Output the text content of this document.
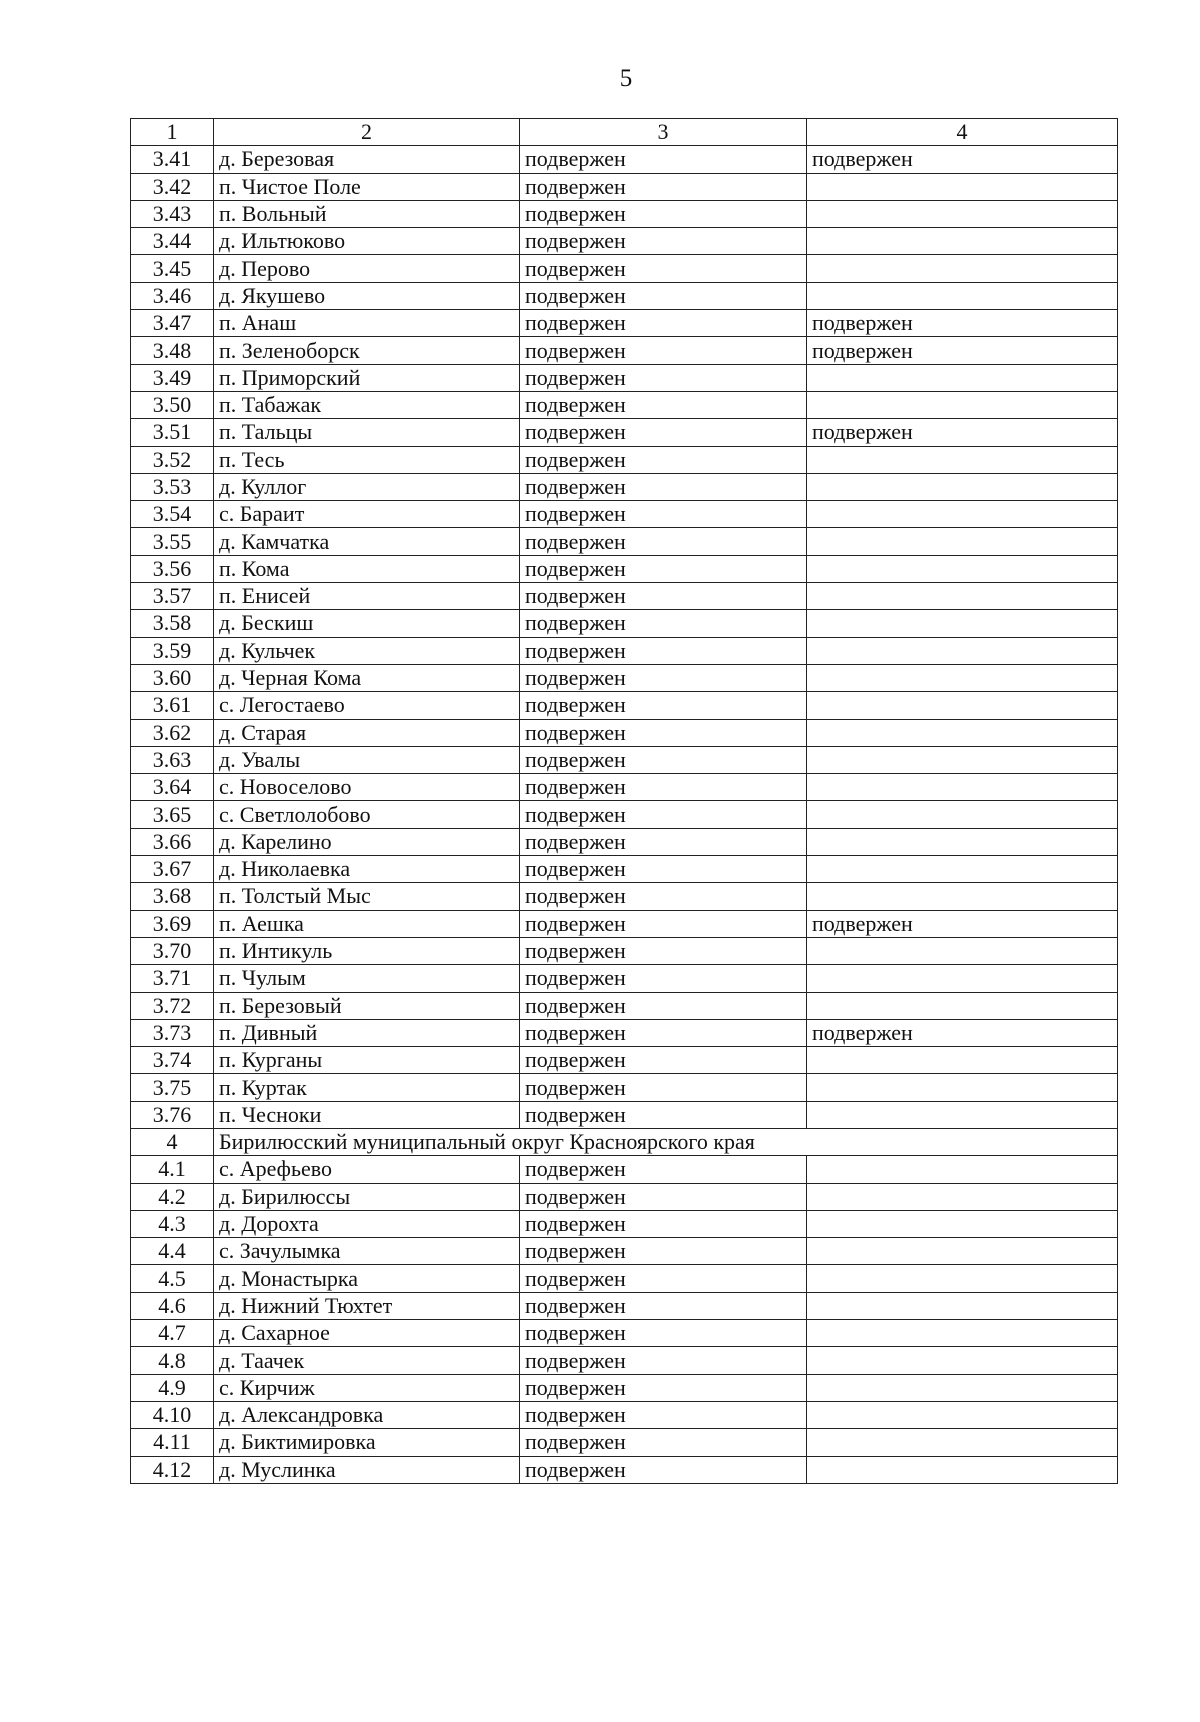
5
1	2	3	4
3.41	д. Березовая	подвержен	подвержен
3.42	п. Чистое Поле	подвержен	
3.43	п. Вольный	подвержен	
3.44	д. Ильтюково	подвержен	
3.45	д. Перово	подвержен	
3.46	д. Якушево	подвержен	
3.47	п. Анаш	подвержен	подвержен
3.48	п. Зеленоборск	подвержен	подвержен
3.49	п. Приморский	подвержен	
3.50	п. Табажак	подвержен	
3.51	п. Тальцы	подвержен	подвержен
3.52	п. Тесь	подвержен	
3.53	д. Куллог	подвержен	
3.54	с. Бараит	подвержен	
3.55	д. Камчатка	подвержен	
3.56	п. Кома	подвержен	
3.57	п. Енисей	подвержен	
3.58	д. Бескиш	подвержен	
3.59	д. Кульчек	подвержен	
3.60	д. Черная Кома	подвержен	
3.61	с. Легостаево	подвержен	
3.62	д. Старая	подвержен	
3.63	д. Увалы	подвержен	
3.64	с. Новоселово	подвержен	
3.65	с. Светлолобово	подвержен	
3.66	д. Карелино	подвержен	
3.67	д. Николаевка	подвержен	
3.68	п. Толстый Мыс	подвержен	
3.69	п. Аешка	подвержен	подвержен
3.70	п. Интикуль	подвержен	
3.71	п. Чулым	подвержен	
3.72	п. Березовый	подвержен	
3.73	п. Дивный	подвержен	подвержен
3.74	п. Курганы	подвержен	
3.75	п. Куртак	подвержен	
3.76	п. Чесноки	подвержен	
4	Бирилюсский муниципальный округ Красноярского края		
4.1	с. Арефьево	подвержен	
4.2	д. Бирилюссы	подвержен	
4.3	д. Дорохта	подвержен	
4.4	с. Зачулымка	подвержен	
4.5	д. Монастырка	подвержен	
4.6	д. Нижний Тюхтет	подвержен	
4.7	д. Сахарное	подвержен	
4.8	д. Таачек	подвержен	
4.9	с. Кирчиж	подвержен	
4.10	д. Александровка	подвержен	
4.11	д. Биктимировка	подвержен	
4.12	д. Муслинка	подвержен	
